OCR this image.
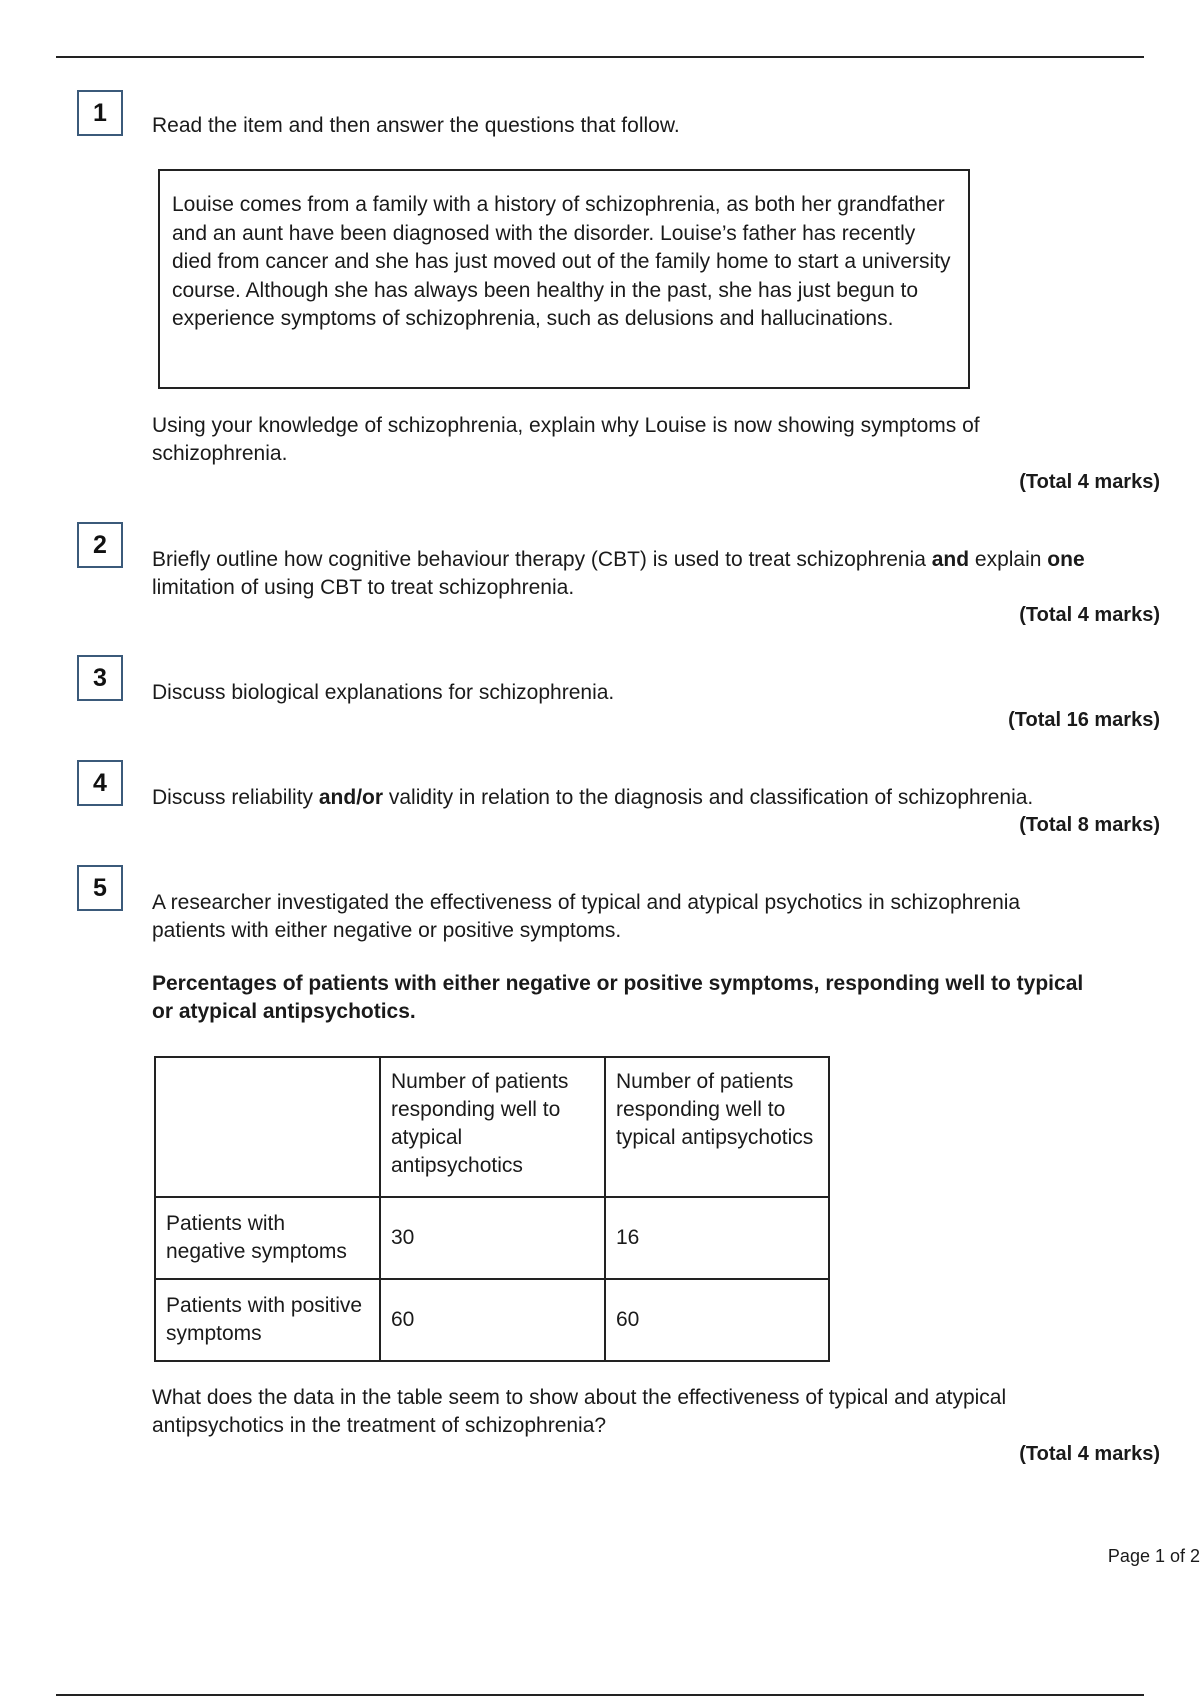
1	Read the item and then answer the questions that follow.
Louise comes from a family with a history of schizophrenia, as both her grandfather and an aunt have been diagnosed with the disorder. Louise’s father has recently died from cancer and she has just moved out of the family home to start a university course. Although she has always been healthy in the past, she has just begun to experience symptoms of schizophrenia, such as delusions and hallucinations.
Using your knowledge of schizophrenia, explain why Louise is now showing symptoms of schizophrenia.
(Total 4 marks)
2
Briefly outline how cognitive behaviour therapy (CBT) is used to treat schizophrenia and explain one limitation of using CBT to treat schizophrenia.
(Total 4 marks)
3
Discuss biological explanations for schizophrenia.
(Total 16 marks)
4
Discuss reliability and/or validity in relation to the diagnosis and classification of schizophrenia.
(Total 8 marks)
5
A researcher investigated the effectiveness of typical and atypical psychotics in schizophrenia patients with either negative or positive symptoms.
Percentages of patients with either negative or positive symptoms, responding well to typical or atypical antipsychotics.
	Number of patients responding well to atypical antipsychotics	Number of patients responding well to typical antipsychotics
Patients with negative symptoms	30	16
Patients with positive symptoms	60	60
What does the data in the table seem to show about the effectiveness of typical and atypical antipsychotics in the treatment of schizophrenia?
(Total 4 marks)
Page 1 of 2
